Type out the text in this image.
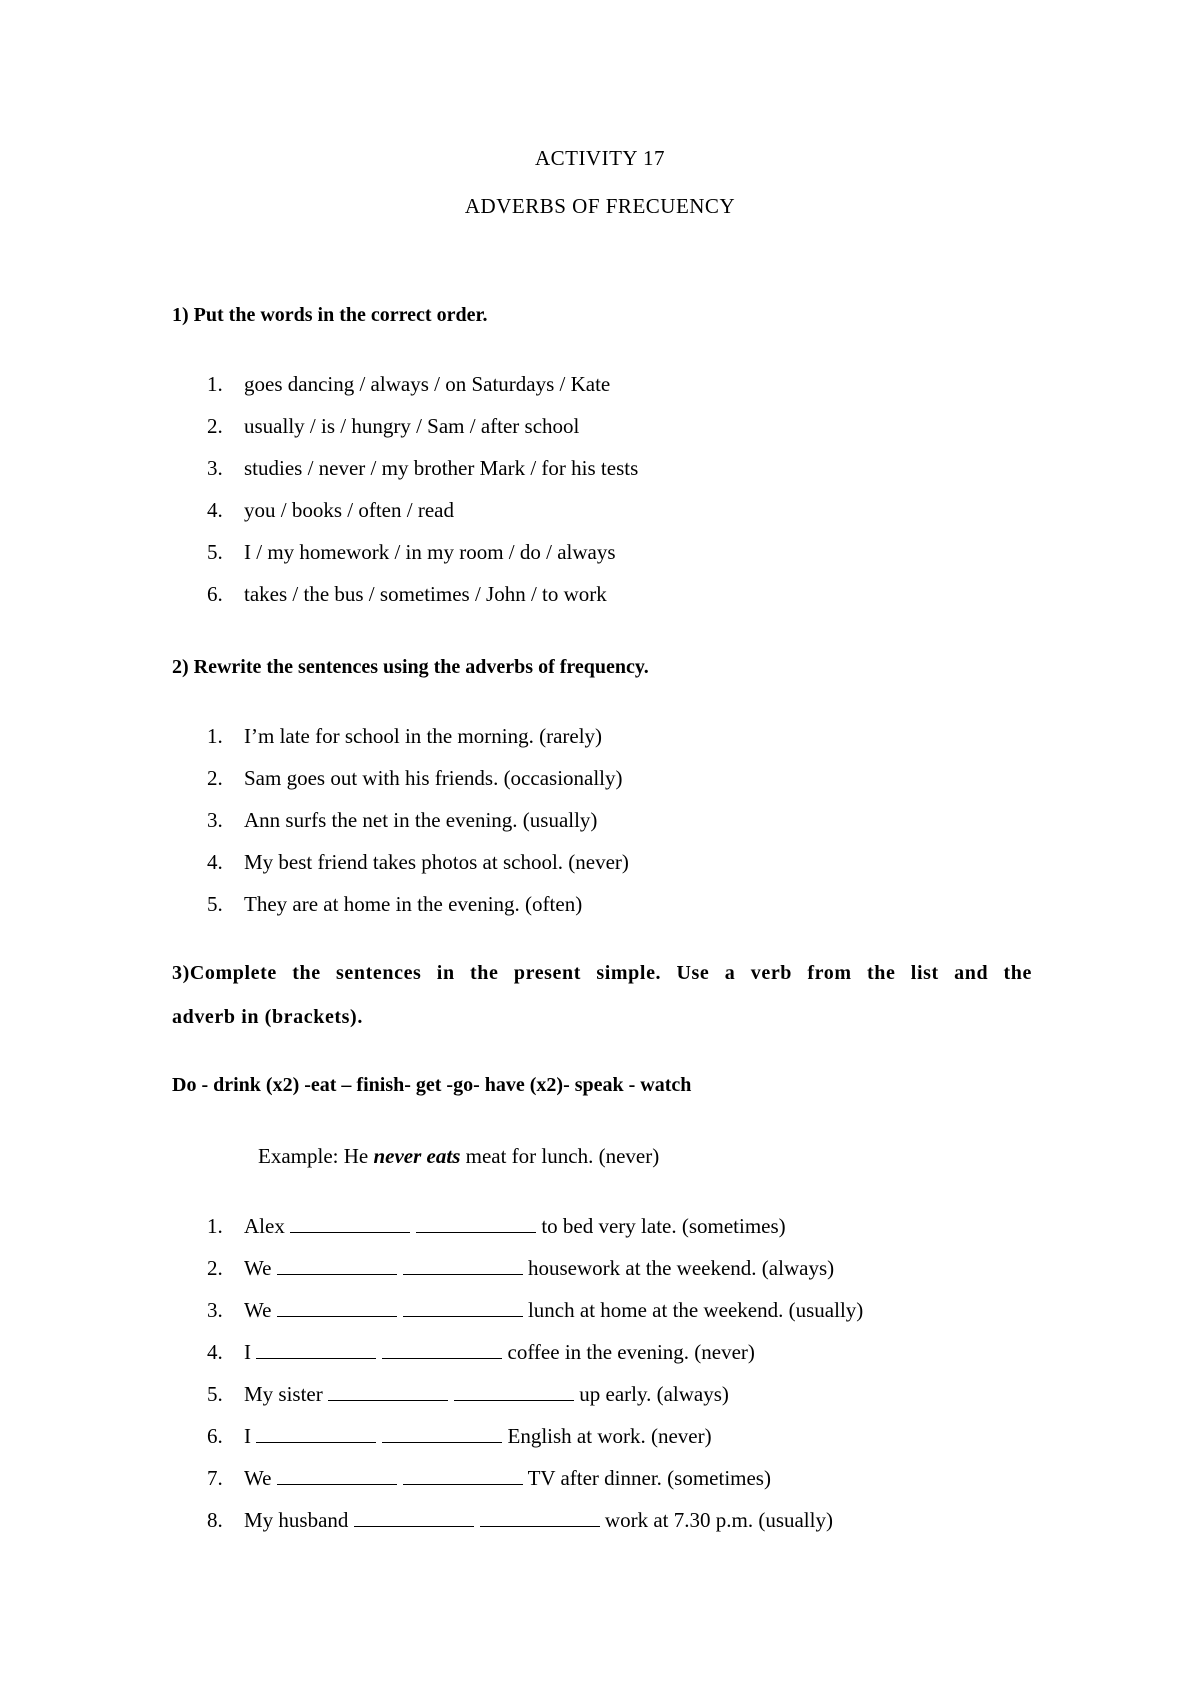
ACTIVITY 17
ADVERBS OF FRECUENCY
1) Put the words in the correct order.
1. goes dancing / always / on Saturdays / Kate
2. usually / is / hungry / Sam / after school
3. studies / never / my brother Mark / for his tests
4. you / books / often / read
5. I / my homework / in my room / do / always
6. takes / the bus / sometimes / John / to work
2) Rewrite the sentences using the adverbs of frequency.
1. I’m late for school in the morning. (rarely)
2. Sam goes out with his friends. (occasionally)
3. Ann surfs the net in the evening. (usually)
4. My best friend takes photos at school. (never)
5. They are at home in the evening. (often)
3)Complete the sentences in the present simple. Use a verb from the list and the
adverb in (brackets).
Do - drink (x2) -eat – finish- get -go- have (x2)- speak - watch
Example: He never eats meat for lunch. (never)
1. Alex	to bed very late. (sometimes)
2. We	housework at the weekend. (always)
3. We	lunch at home at the weekend. (usually)
4. I	coffee in the evening. (never)
5. My sister	up early. (always)
6. I	English at work. (never)
7. We	TV after dinner. (sometimes)
8. My husband	work at 7.30 p.m. (usually)
